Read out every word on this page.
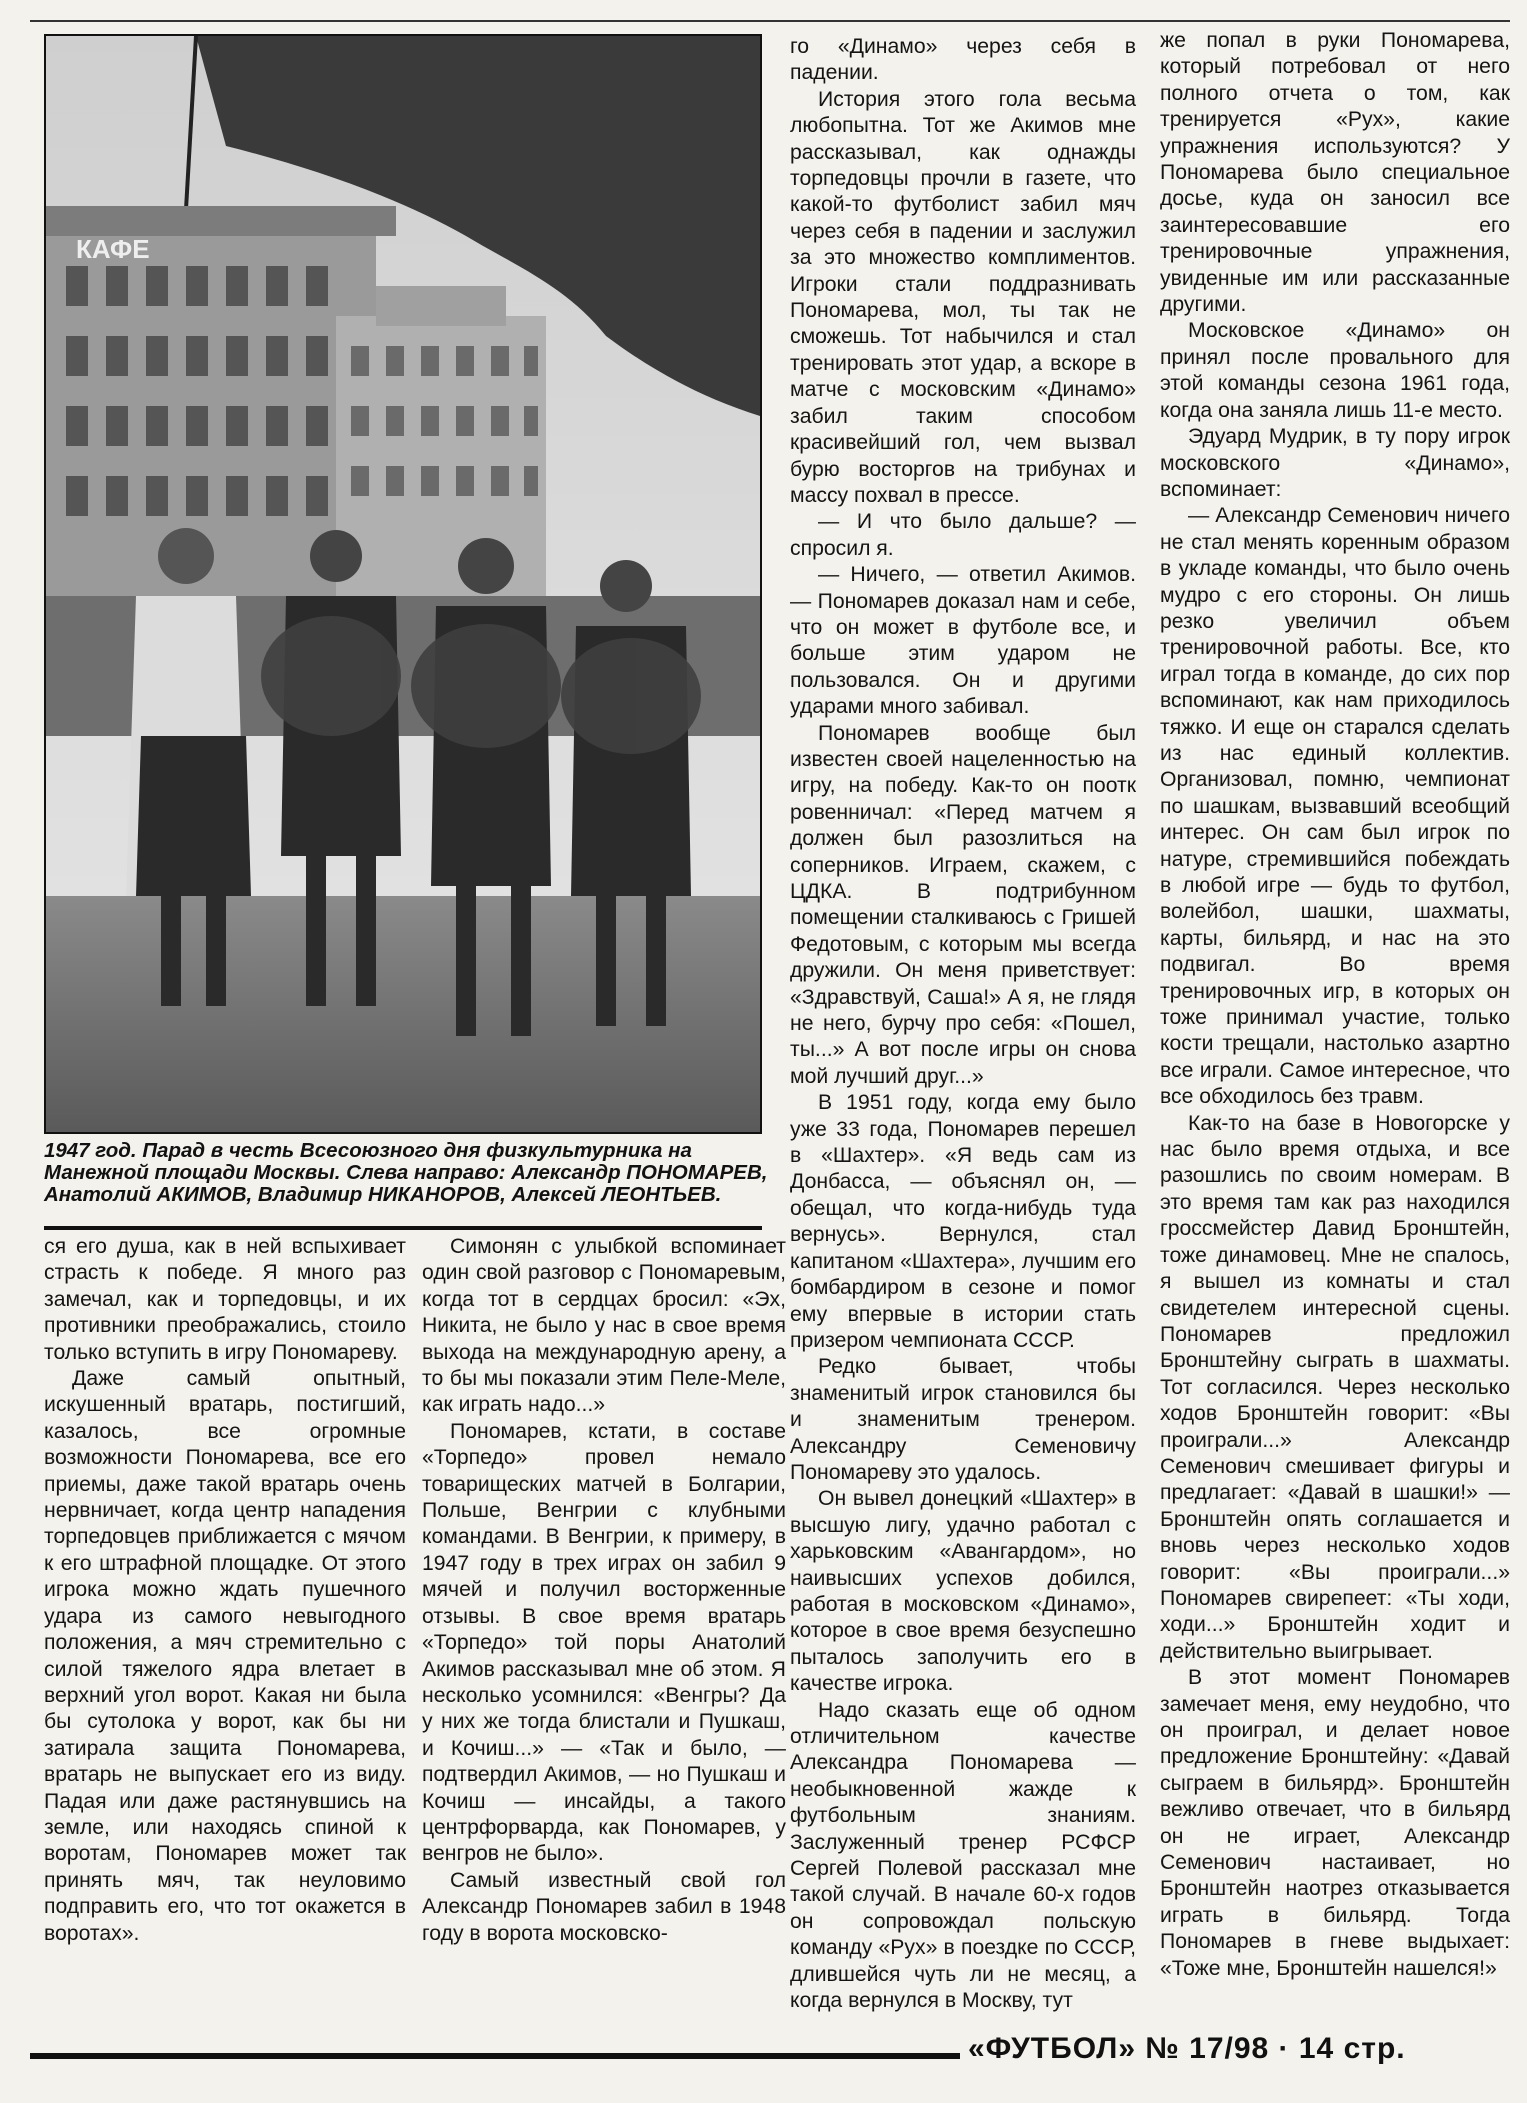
КАФЕ
1947 год. Парад в честь Всесоюзного дня физкультурника на Манежной площади Москвы. Слева направо: Александр ПОНОМАРЕВ, Анатолий АКИМОВ, Владимир НИКАНОРОВ, Алексей ЛЕОНТЬЕВ.

ся его душа, как в ней вспыхивает страсть к победе. Я много раз замечал, как и торпедовцы, и их противники преображались, стоило только вступить в игру Пономареву.

Даже самый опытный, искушенный вратарь, постигший, казалось, все огромные возможности Пономарева, все его приемы, даже такой вратарь очень нервничает, когда центр нападения торпедовцев приближается с мячом к его штрафной площадке. От этого игрока можно ждать пушечного удара из самого невыгодного положения, а мяч стремительно с силой тяжелого ядра влетает в верхний угол ворот. Какая ни была бы сутолока у ворот, как бы ни затирала защита Пономарева, вратарь не выпускает его из виду. Падая или даже растянувшись на земле, или находясь спиной к воротам, Пономарев может так принять мяч, так неуловимо подправить его, что тот окажется в воротах».

Симонян с улыбкой вспоминает один свой разговор с Пономаревым, когда тот в сердцах бросил: «Эх, Никита, не было у нас в свое время выхода на международную арену, а то бы мы показали этим Пеле-Меле, как играть надо...»

Пономарев, кстати, в составе «Торпедо» провел немало товарищеских матчей в Болгарии, Польше, Венгрии с клубными командами. В Венгрии, к примеру, в 1947 году в трех играх он забил 9 мячей и получил восторженные отзывы. В свое время вратарь «Торпедо» той поры Анатолий Акимов рассказывал мне об этом. Я несколько усомнился: «Венгры? Да у них же тогда блистали и Пушкаш, и Кочиш...» — «Так и было, — подтвердил Акимов, — но Пушкаш и Кочиш — инсайды, а такого центрфорварда, как Пономарев, у венгров не было».

Самый известный свой гол Александр Пономарев забил в 1948 году в ворота московско-

го «Динамо» через себя в падении.

История этого гола весьма любопытна. Тот же Акимов мне рассказывал, как однажды торпедовцы прочли в газете, что какой-то футболист забил мяч через себя в падении и заслужил за это множество комплиментов. Игроки стали поддразнивать Пономарева, мол, ты так не сможешь. Тот набычился и стал тренировать этот удар, а вскоре в матче с московским «Динамо» забил таким способом красивейший гол, чем вызвал бурю восторгов на трибунах и массу похвал в прессе.

— И что было дальше? — спросил я.

— Ничего, — ответил Акимов. — Пономарев доказал нам и себе, что он может в футболе все, и больше этим ударом не пользовался. Он и другими ударами много забивал.

Пономарев вообще был известен своей нацеленностью на игру, на победу. Как-то он поотк ровенничал: «Перед матчем я должен был разозлиться на соперников. Играем, скажем, с ЦДКА. В подтрибунном помещении сталкиваюсь с Гришей Федотовым, с которым мы всегда дружили. Он меня приветствует: «Здравствуй, Саша!» А я, не глядя не него, бурчу про себя: «Пошел, ты...» А вот после игры он снова мой лучший друг...»

В 1951 году, когда ему было уже 33 года, Пономарев перешел в «Шахтер». «Я ведь сам из Донбасса, — объяснял он, —обещал, что когда-нибудь туда вернусь». Вернулся, стал капитаном «Шахтера», лучшим его бомбардиром в сезоне и помог ему впервые в истории стать призером чемпионата СССР.

Редко бывает, чтобы знаменитый игрок становился бы и знаменитым тренером. Александру Семеновичу Пономареву это удалось.

Он вывел донецкий «Шахтер» в высшую лигу, удачно работал с харьковским «Авангардом», но наивысших успехов добился, работая в московском «Динамо», которое в свое время безуспешно пыталось заполучить его в качестве игрока.

Надо сказать еще об одном отличительном качестве Александра Пономарева — необыкновенной жажде к футбольным знаниям. Заслуженный тренер РСФСР Сергей Полевой рассказал мне такой случай. В начале 60-х годов он сопровождал польскую команду «Рух» в поездке по СССР, длившейся чуть ли не месяц, а когда вернулся в Москву, тут

же попал в руки Пономарева, который потребовал от него полного отчета о том, как тренируется «Рух», какие упражнения используются? У Пономарева было специальное досье, куда он заносил все заинтересовавшие его тренировочные упражнения, увиденные им или рассказанные другими.

Московское «Динамо» он принял после провального для этой команды сезона 1961 года, когда она заняла лишь 11-е место.

Эдуард Мудрик, в ту пору игрок московского «Динамо», вспоминает:

— Александр Семенович ничего не стал менять коренным образом в укладе команды, что было очень мудро с его стороны. Он лишь резко увеличил объем тренировочной работы. Все, кто играл тогда в команде, до сих пор вспоминают, как нам приходилось тяжко. И еще он старался сделать из нас единый коллектив. Организовал, помню, чемпионат по шашкам, вызвавший всеобщий интерес. Он сам был игрок по натуре, стремившийся побеждать в любой игре — будь то футбол, волейбол, шашки, шахматы, карты, бильярд, и нас на это подвигал. Во время тренировочных игр, в которых он тоже принимал участие, только кости трещали, настолько азартно все играли. Самое интересное, что все обходилось без травм.

Как-то на базе в Новогорске у нас было время отдыха, и все разошлись по своим номерам. В это время там как раз находился гроссмейстер Давид Бронштейн, тоже динамовец. Мне не спалось, я вышел из комнаты и стал свидетелем интересной сцены. Пономарев предложил Бронштейну сыграть в шахматы. Тот согласился. Через несколько ходов Бронштейн говорит: «Вы проиграли...» Александр Семенович смешивает фигуры и предлагает: «Давай в шашки!» — Бронштейн опять соглашается и вновь через несколько ходов говорит: «Вы проиграли...» Пономарев свирепеет: «Ты ходи, ходи...» Бронштейн ходит и действительно выигрывает.

В этот момент Пономарев замечает меня, ему неудобно, что он проиграл, и делает новое предложение Бронштейну: «Давай сыграем в бильярд». Бронштейн вежливо отвечает, что в бильярд он не играет, Александр Семенович настаивает, но Бронштейн наотрез отказывается играть в бильярд. Тогда Пономарев в гневе выдыхает: «Тоже мне, Бронштейн нашелся!»

«ФУТБОЛ» № 17/98 · 14 стр.
